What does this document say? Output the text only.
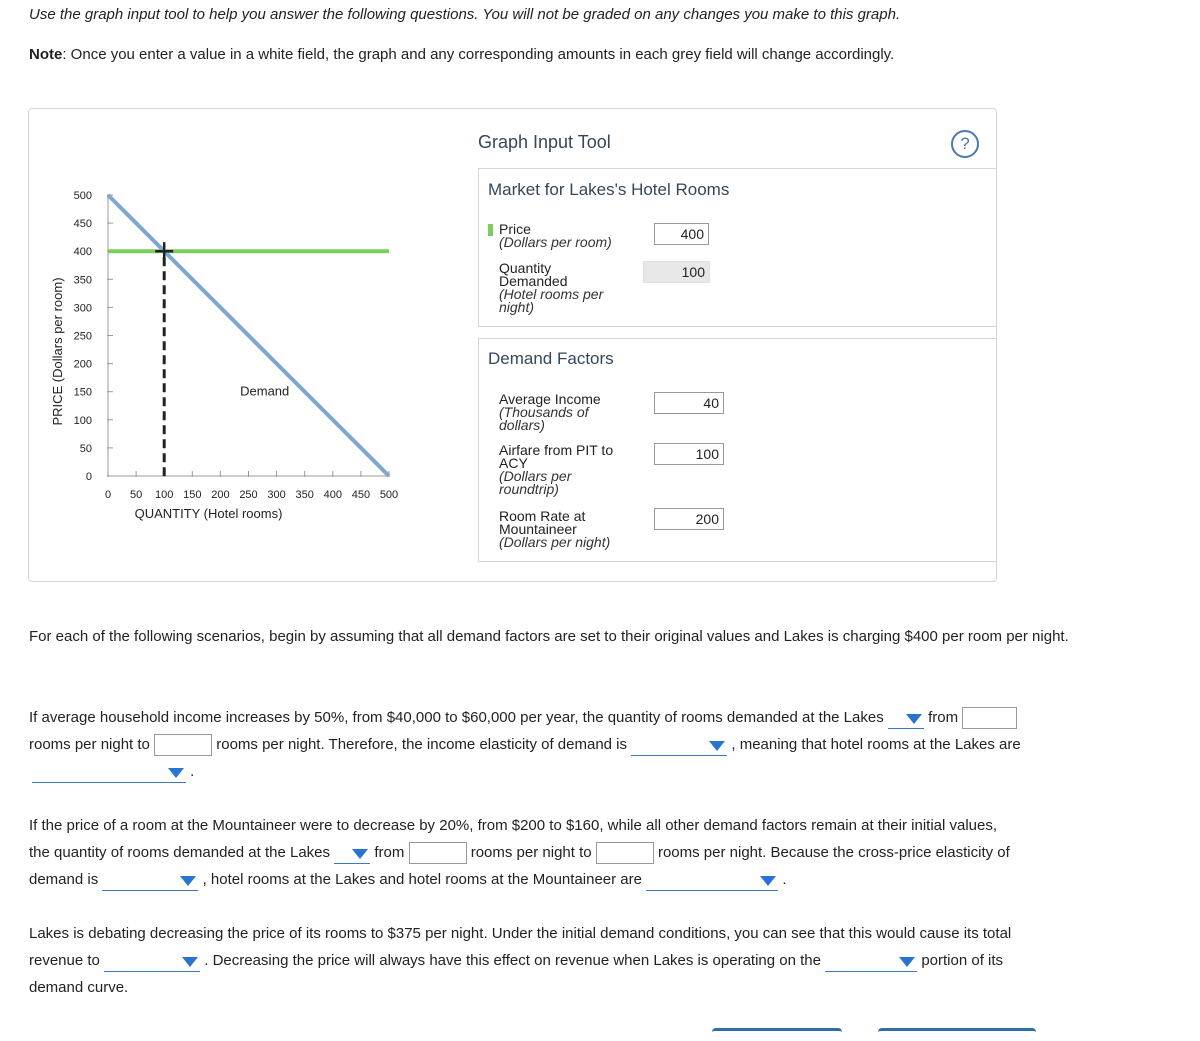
Use the graph input tool to help you answer the following questions. You will not be graded on any changes you make to this graph.
Note: Once you enter a value in a white field, the graph and any corresponding amounts in each grey field will change accordingly.
0 50 100 150 200 250 300 350 400 450 500
0
50
100
150
200
250
300
350
400
450
500
QUANTITY (Hotel rooms)
PRICE (Dollars per room)	Demand
Graph Input Tool	?
Market for Lakes's Hotel Rooms
Price
(Dollars per room)	400
Quantity
Demanded
(Hotel rooms per
night)
100
Demand Factors
Average Income
(Thousands of
dollars)
40
Airfare from PIT to
ACY
(Dollars per
roundtrip)
100
Room Rate at
Mountaineer
(Dollars per night)
200
For each of the following scenarios, begin by assuming that all demand factors are set to their original values and Lakes is charging $400 per room per night.
If average household income increases by 50%, from $40,000 to $60,000 per year, the quantity of rooms demanded at the Lakes	from
rooms per night to	rooms per night. Therefore, the income elasticity of demand is	, meaning that hotel rooms at the Lakes are

.
If the price of a room at the Mountaineer were to decrease by 20%, from $200 to $160, while all other demand factors remain at their initial values,
the quantity of rooms demanded at the Lakes	from	rooms per night to	rooms per night. Because the cross-price elasticity of
demand is	, hotel rooms at the Lakes and hotel rooms at the Mountaineer are	.
Lakes is debating decreasing the price of its rooms to $375 per night. Under the initial demand conditions, you can see that this would cause its total
revenue to	. Decreasing the price will always have this effect on revenue when Lakes is operating on the	portion of its
demand curve.
